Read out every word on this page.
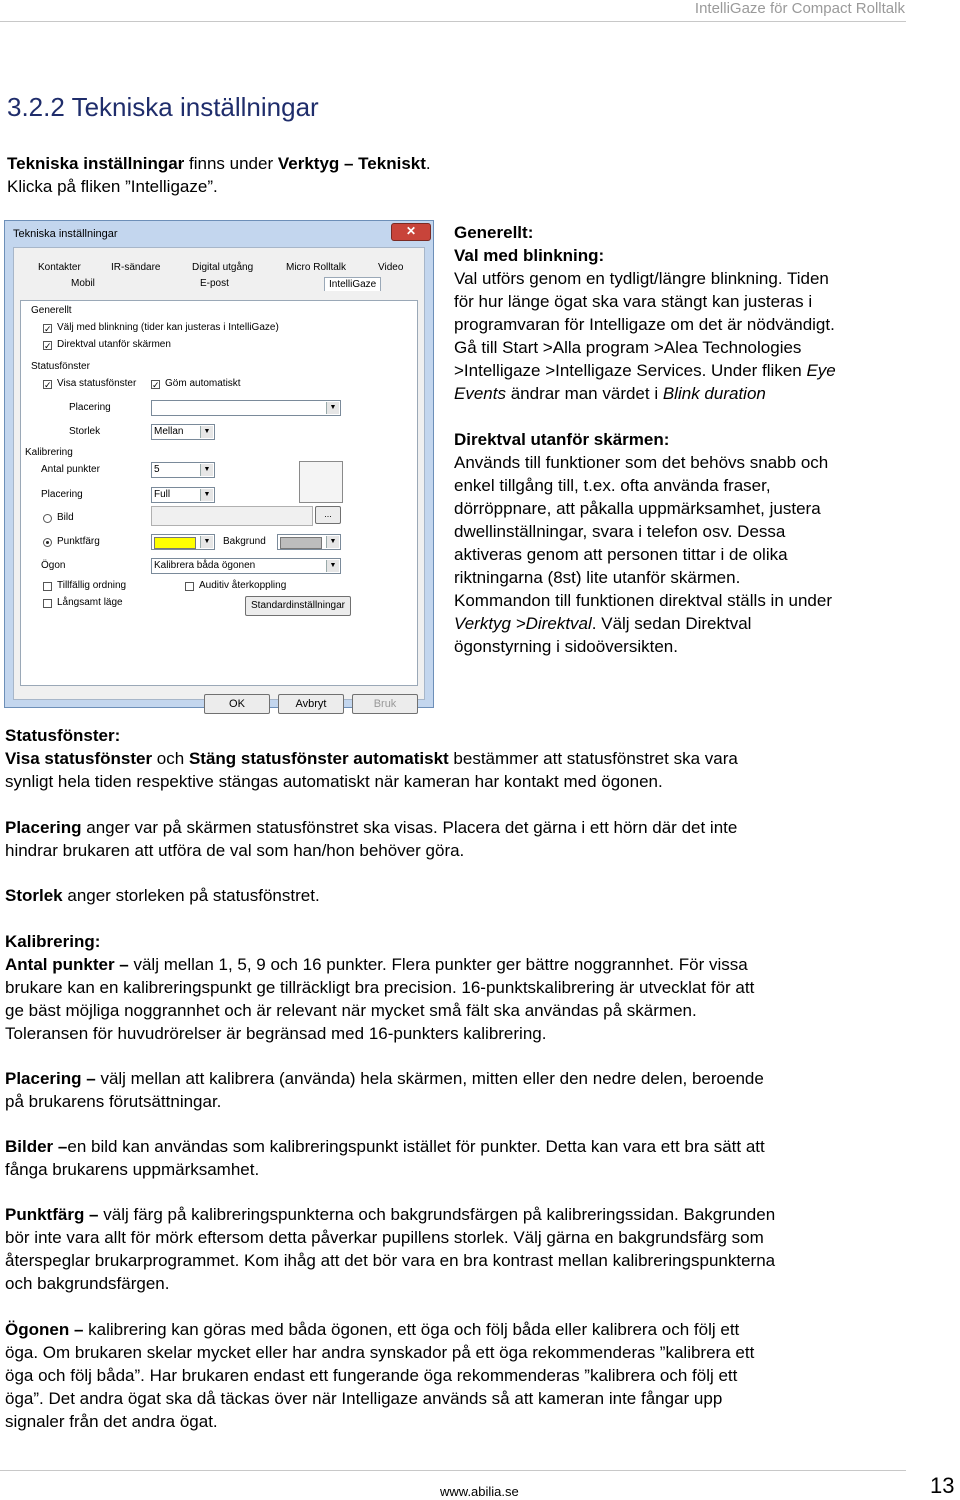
IntelliGaze för Compact Rolltalk
3.2.2 Tekniska inställningar
Tekniska inställningar finns under Verktyg – Tekniskt.
Klicka på fliken ”Intelligaze”.
Tekniska inställningar	✕
Kontakter	IR-sändare	Digital utgång	Micro Rolltalk	Video
Mobil	E-post	IntelliGaze
Generellt
✓ Välj med blinkning (tider kan justeras i IntelliGaze)
✓ Direktval utanför skärmen
Statusfönster
✓ Visa statusfönster ✓ Göm automatiskt
Placering	▼
Storlek	Mellan	▼
Kalibrering
Antal punkter	5	▼
Placering	Full	▼
Bild	...
Punktfärg	▼ Bakgrund	▼
Ögon	Kalibrera båda ögonen	▼
Tillfällig ordning	Auditiv återkoppling
Långsamt läge	Standardinställningar
OK	Avbryt	Bruk
Generellt:
Val med blinkning:
Val utförs genom en tydligt/längre blinkning. Tiden
för hur länge ögat ska vara stängt kan justeras i
programvaran för Intelligaze om det är nödvändigt.
Gå till Start >Alla program >Alea Technologies
>Intelligaze >Intelligaze Services. Under fliken Eye
Events ändrar man värdet i Blink duration
Direktval utanför skärmen:
Används till funktioner som det behövs snabb och
enkel tillgång till, t.ex. ofta använda fraser,
dörröppnare, att påkalla uppmärksamhet, justera
dwellinställningar, svara i telefon osv. Dessa
aktiveras genom att personen tittar i de olika
riktningarna (8st) lite utanför skärmen.
Kommandon till funktionen direktval ställs in under
Verktyg >Direktval. Välj sedan Direktval
ögonstyrning i sidoöversikten.
Statusfönster:
Visa statusfönster och Stäng statusfönster automatiskt bestämmer att statusfönstret ska vara
synligt hela tiden respektive stängas automatiskt när kameran har kontakt med ögonen.
Placering anger var på skärmen statusfönstret ska visas. Placera det gärna i ett hörn där det inte
hindrar brukaren att utföra de val som han/hon behöver göra.
Storlek anger storleken på statusfönstret.
Kalibrering:
Antal punkter – välj mellan 1, 5, 9 och 16 punkter. Flera punkter ger bättre noggrannhet. För vissa
brukare kan en kalibreringspunkt ge tillräckligt bra precision. 16-punktskalibrering är utvecklat för att
ge bäst möjliga noggrannhet och är relevant när mycket små fält ska användas på skärmen.
Toleransen för huvudrörelser är begränsad med 16-punkters kalibrering.
Placering – välj mellan att kalibrera (använda) hela skärmen, mitten eller den nedre delen, beroende
på brukarens förutsättningar.
Bilder –en bild kan användas som kalibreringspunkt istället för punkter. Detta kan vara ett bra sätt att
fånga brukarens uppmärksamhet.
Punktfärg – välj färg på kalibreringspunkterna och bakgrundsfärgen på kalibreringssidan. Bakgrunden
bör inte vara allt för mörk eftersom detta påverkar pupillens storlek. Välj gärna en bakgrundsfärg som
återspeglar brukarprogrammet. Kom ihåg att det bör vara en bra kontrast mellan kalibreringspunkterna
och bakgrundsfärgen.
Ögonen – kalibrering kan göras med båda ögonen, ett öga och följ båda eller kalibrera och följ ett
öga. Om brukaren skelar mycket eller har andra synskador på ett öga rekommenderas ”kalibrera ett
öga och följ båda”. Har brukaren endast ett fungerande öga rekommenderas ”kalibrera och följ ett
öga”. Det andra ögat ska då täckas över när Intelligaze används så att kameran inte fångar upp
signaler från det andra ögat.
www.abilia.se	13
